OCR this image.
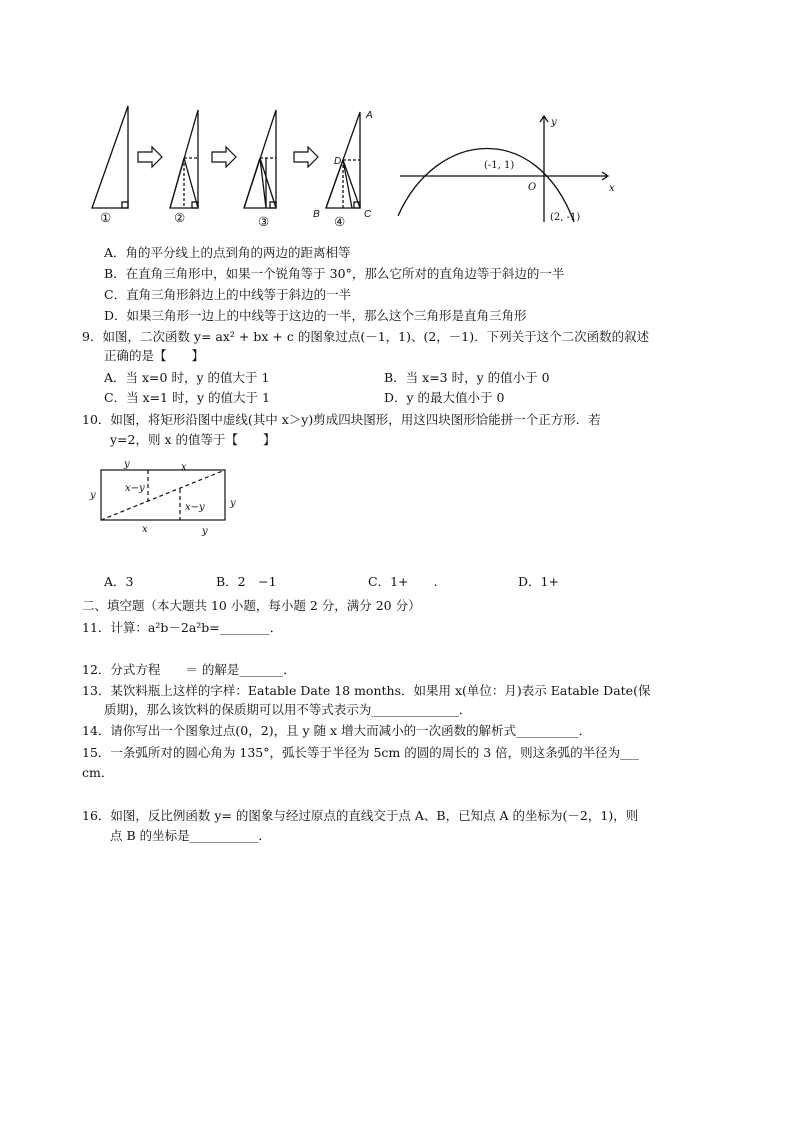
①	②	③	④
A
D
B	C
y
x
O
(-1, 1)
(2, -1)
A．角的平分线上的点到角的两边的距离相等
B．在直角三角形中，如果一个锐角等于 30°，那么它所对的直角边等于斜边的一半
C．直角三角形斜边上的中线等于斜边的一半
D．如果三角形一边上的中线等于这边的一半，那么这个三角形是直角三角形
9．如图，二次函数 y= ax² + bx + c 的图象过点(－1，1)、(2，－1)．下列关于这个二次函数的叙述
正确的是【　　】
A．当 x=0 时，y 的值大于 1	B．当 x=3 时，y 的值小于 0
C．当 x=1 时，y 的值大于 1	D．y 的最大值小于 0
10．如图，将矩形沿图中虚线(其中 x＞y)剪成四块图形，用这四块图形恰能拼一个正方形．若
y=2，则 x 的值等于【　　】
y	x
y
x−y
x−y	y
x	y
A．3	B．2　−1	C．1+　　.	D．1+
二、填空题（本大题共 10 小题，每小题 2 分，满分 20 分）
11．计算：a²b－2a²b=________．
12．分式方程　　＝ 的解是_______．
13．某饮料瓶上这样的字样：Eatable Date 18 months．如果用 x(单位：月)表示 Eatable Date(保
质期)，那么该饮料的保质期可以用不等式表示为______________．
14．请你写出一个图象过点(0，2)，且 y 随 x 增大而减小的一次函数的解析式__________．
15．一条弧所对的圆心角为 135°，弧长等于半径为 5cm 的圆的周长的 3 倍，则这条弧的半径为___
cm．
16．如图，反比例函数 y= 的图象与经过原点的直线交于点 A、B，已知点 A 的坐标为(－2，1)，则
点 B 的坐标是___________．
